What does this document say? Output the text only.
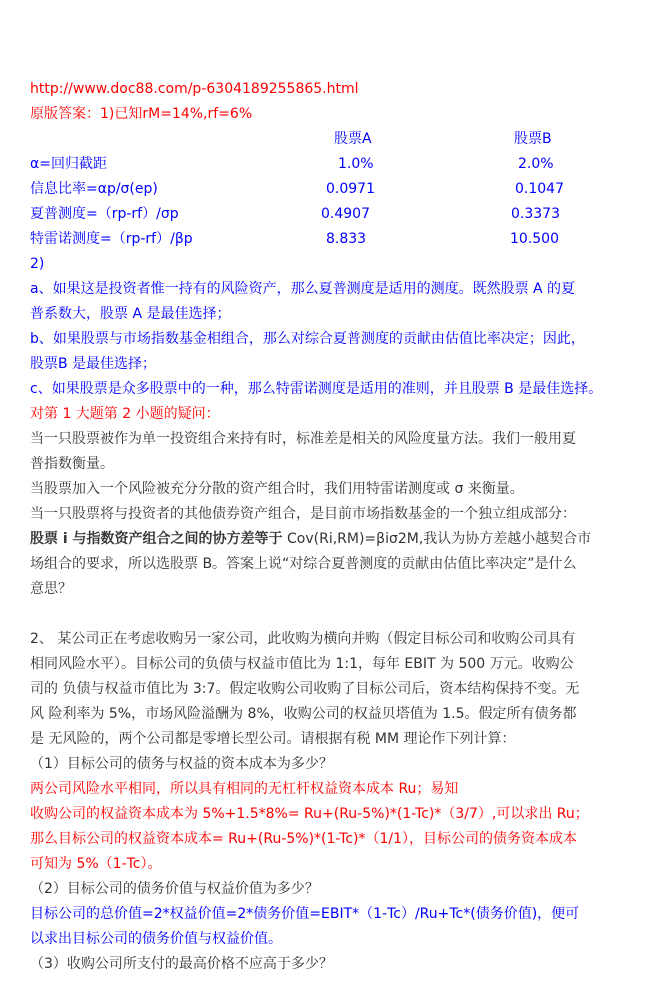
http://www.doc88.com/p-6304189255865.html
原版答案：1)已知rM=14%,rf=6%
股票A	股票B
α=回归截距	1.0%	2.0%
信息比率=αp/σ(ep)	0.0971	0.1047
夏普测度=（rp-rf）/σp	0.4907	0.3373
特雷诺测度=（rp-rf）/βp	8.833	10.500
2)
a、如果这是投资者惟一持有的风险资产，那么夏普测度是适用的测度。既然股票 A 的夏
普系数大，股票 A 是最佳选择；
b、如果股票与市场指数基金相组合，那么对综合夏普测度的贡献由估值比率决定；因此，
股票B 是最佳选择；
c、如果股票是众多股票中的一种，那么特雷诺测度是适用的准则，并且股票 B 是最佳选择。
对第 1 大题第 2 小题的疑问：
当一只股票被作为单一投资组合来持有时，标准差是相关的风险度量方法。我们一般用夏
普指数衡量。
当股票加入一个风险被充分分散的资产组合时，我们用特雷诺测度或 σ 来衡量。
当一只股票将与投资者的其他债券资产组合，是目前市场指数基金的一个独立组成部分：
股票 i 与指数资产组合之间的协方差等于 Cov(Ri,RM)=βiσ2M,我认为协方差越小越契合市
场组合的要求，所以选股票 B。答案上说“对综合夏普测度的贡献由估值比率决定”是什么
意思？
2、 某公司正在考虑收购另一家公司，此收购为横向并购（假定目标公司和收购公司具有
相同风险水平）。目标公司的负债与权益市值比为 1:1，每年 EBIT 为 500 万元。收购公
司的 负债与权益市值比为 3:7。假定收购公司收购了目标公司后，资本结构保持不变。无
风 险利率为 5%，市场风险溢酬为 8%，收购公司的权益贝塔值为 1.5。假定所有债务都
是 无风险的，两个公司都是零增长型公司。请根据有税 MM 理论作下列计算：
（1）目标公司的债务与权益的资本成本为多少？
两公司风险水平相同，所以具有相同的无杠杆权益资本成本 Ru；易知
收购公司的权益资本成本为 5%+1.5*8%= Ru+(Ru-5%)*(1-Tc)*（3/7）,可以求出 Ru；
那么目标公司的权益资本成本= Ru+(Ru-5%)*(1-Tc)*（1/1），目标公司的债务资本成本
可知为 5%（1-Tc）。
（2）目标公司的债务价值与权益价值为多少？
目标公司的总价值=2*权益价值=2*债务价值=EBIT*（1-Tc）/Ru+Tc*(债务价值)，便可
以求出目标公司的债务价值与权益价值。
（3）收购公司所支付的最高价格不应高于多少？
